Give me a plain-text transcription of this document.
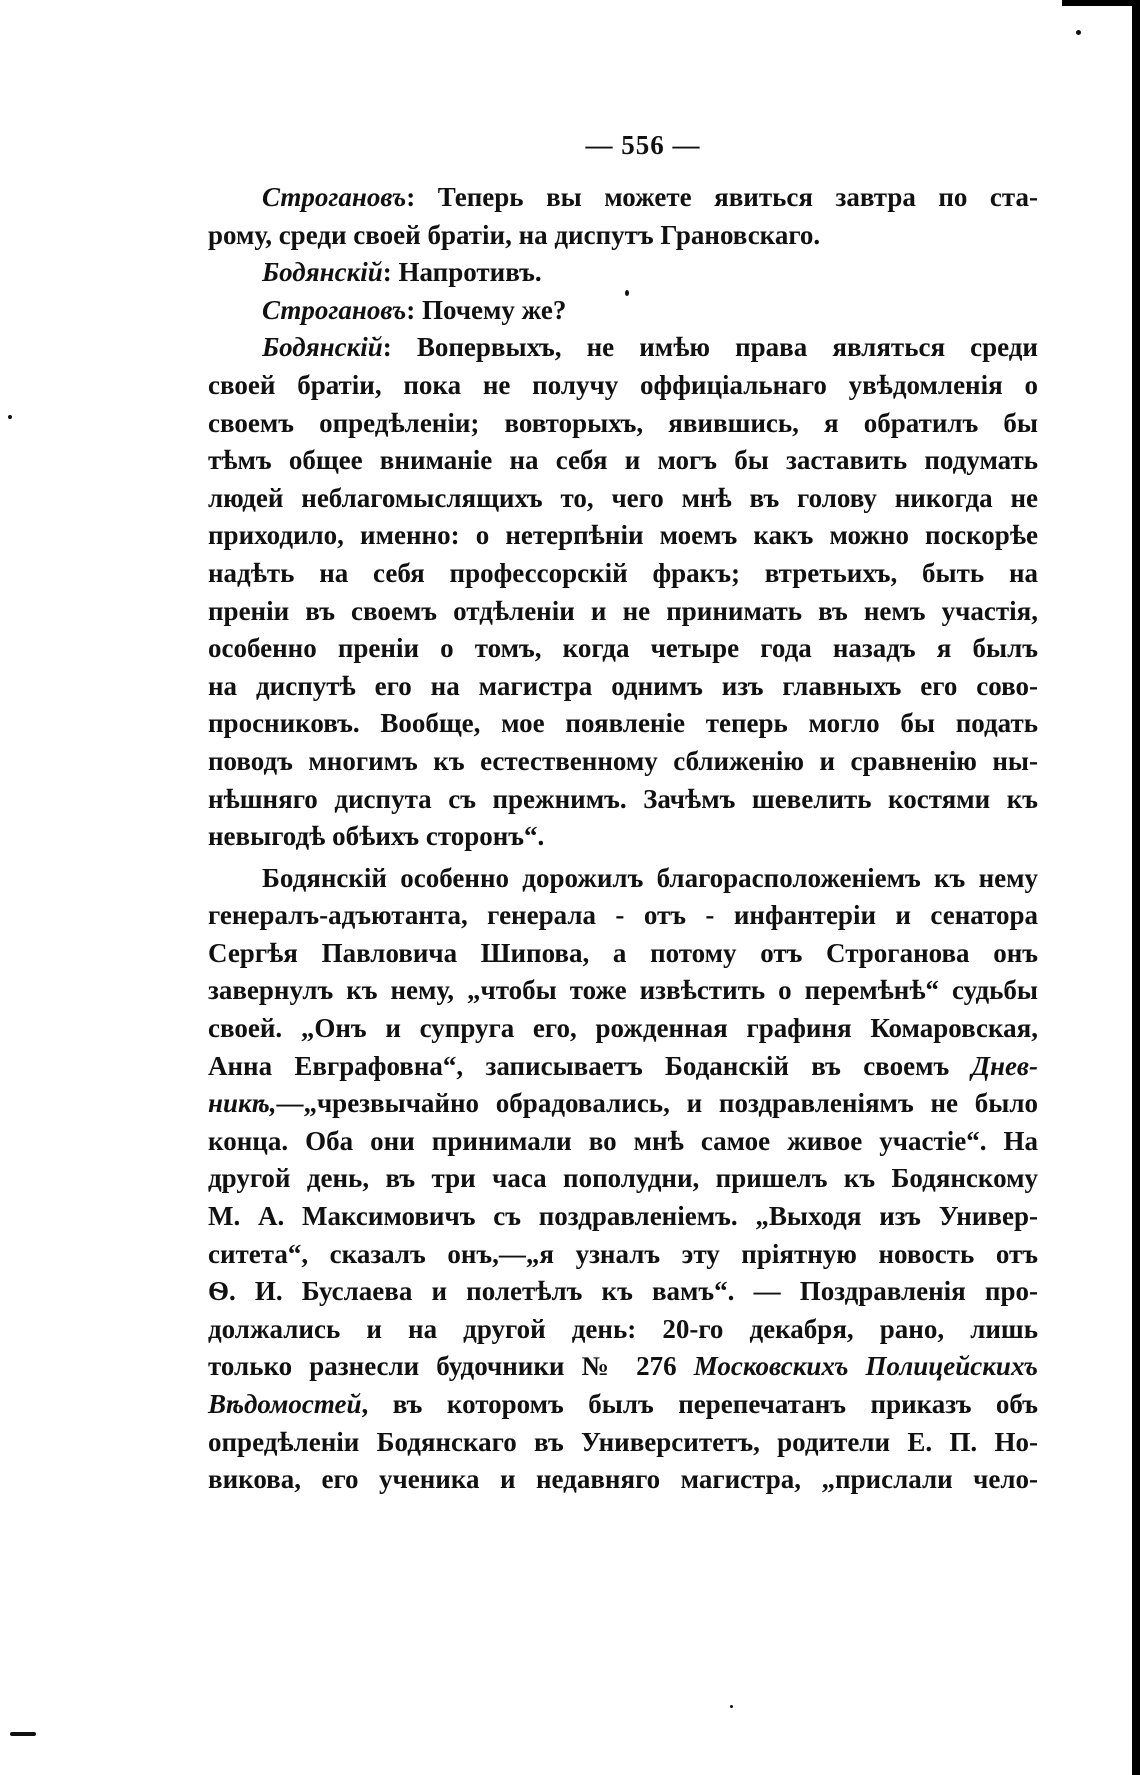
— 556 —

Строгановъ: Теперь вы можете явиться завтра по ста-
рому, среди своей братіи, на диспутъ Грановскаго.

Бодянскій: Напротивъ.

Строгановъ: Почему же?

Бодянскій: Вопервыхъ, не имѣю права являться среди
своей братіи, пока не получу оффиціальнаго увѣдомленія о
своемъ опредѣленіи; вовторыхъ, явившись, я обратилъ бы
тѣмъ общее вниманіе на себя и могъ бы заставить подумать
людей неблагомыслящихъ то, чего мнѣ въ голову никогда не
приходило, именно: о нетерпѣніи моемъ какъ можно поскорѣе
надѣть на себя профессорскій фракъ; втретьихъ, быть на
преніи въ своемъ отдѣленіи и не принимать въ немъ участія,
особенно преніи о томъ, когда четыре года назадъ я былъ
на диспутѣ его на магистра однимъ изъ главныхъ его сово-
просниковъ. Вообще, мое появленіе теперь могло бы подать
поводъ многимъ къ естественному сближенію и сравненію ны-
нѣшняго диспута съ прежнимъ. Зачѣмъ шевелить костями къ
невыгодѣ обѣихъ сторонъ“.

Бодянскій особенно дорожилъ благорасположеніемъ къ нему
генералъ-адъютанта, генерала - отъ - инфантеріи и сенатора
Сергѣя Павловича Шипова, а потому отъ Строганова онъ
завернулъ къ нему, „чтобы тоже извѣстить о перемѣнѣ“ судьбы
своей. „Онъ и супруга его, рожденная графиня Комаровская,
Анна Евграфовна“, записываетъ Боданскій въ своемъ Днев-
никѣ,—„чрезвычайно обрадовались, и поздравленіямъ не было
конца. Оба они принимали во мнѣ самое живое участіе“. На
другой день, въ три часа пополудни, пришелъ къ Бодянскому
М. А. Максимовичъ съ поздравленіемъ. „Выходя изъ Универ-
ситета“, сказалъ онъ,—„я узналъ эту пріятную новость отъ
Ѳ. И. Буслаева и полетѣлъ къ вамъ“. — Поздравленія про-
должались и на другой день: 20-го декабря, рано, лишь
только разнесли будочники № 276 Московскихъ Полицейскихъ
Вѣдомостей, въ которомъ былъ перепечатанъ приказъ объ
опредѣленіи Бодянскаго въ Университетъ, родители Е. П. Но-
викова, его ученика и недавняго магистра, „прислали чело-
